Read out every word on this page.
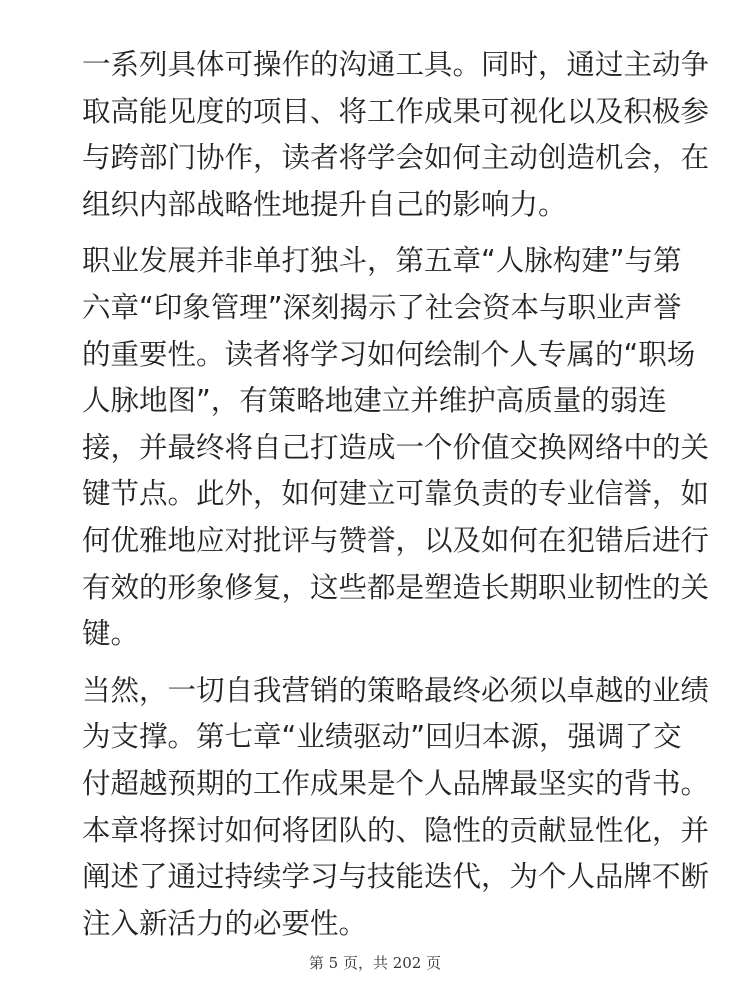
一系列具体可操作的沟通工具。同时，通过主动争
取高能见度的项目、将工作成果可视化以及积极参
与跨部门协作，读者将学会如何主动创造机会，在
组织内部战略性地提升自己的影响力。
职业发展并非单打独斗，第五章“人脉构建”与第
六章“印象管理”深刻揭示了社会资本与职业声誉
的重要性。读者将学习如何绘制个人专属的“职场
人脉地图”，有策略地建立并维护高质量的弱连
接，并最终将自己打造成一个价值交换网络中的关
键节点。此外，如何建立可靠负责的专业信誉，如
何优雅地应对批评与赞誉，以及如何在犯错后进行
有效的形象修复，这些都是塑造长期职业韧性的关
键。
当然，一切自我营销的策略最终必须以卓越的业绩
为支撑。第七章“业绩驱动”回归本源，强调了交
付超越预期的工作成果是个人品牌最坚实的背书。
本章将探讨如何将团队的、隐性的贡献显性化，并
阐述了通过持续学习与技能迭代，为个人品牌不断
注入新活力的必要性。
第 5 页，共 202 页
